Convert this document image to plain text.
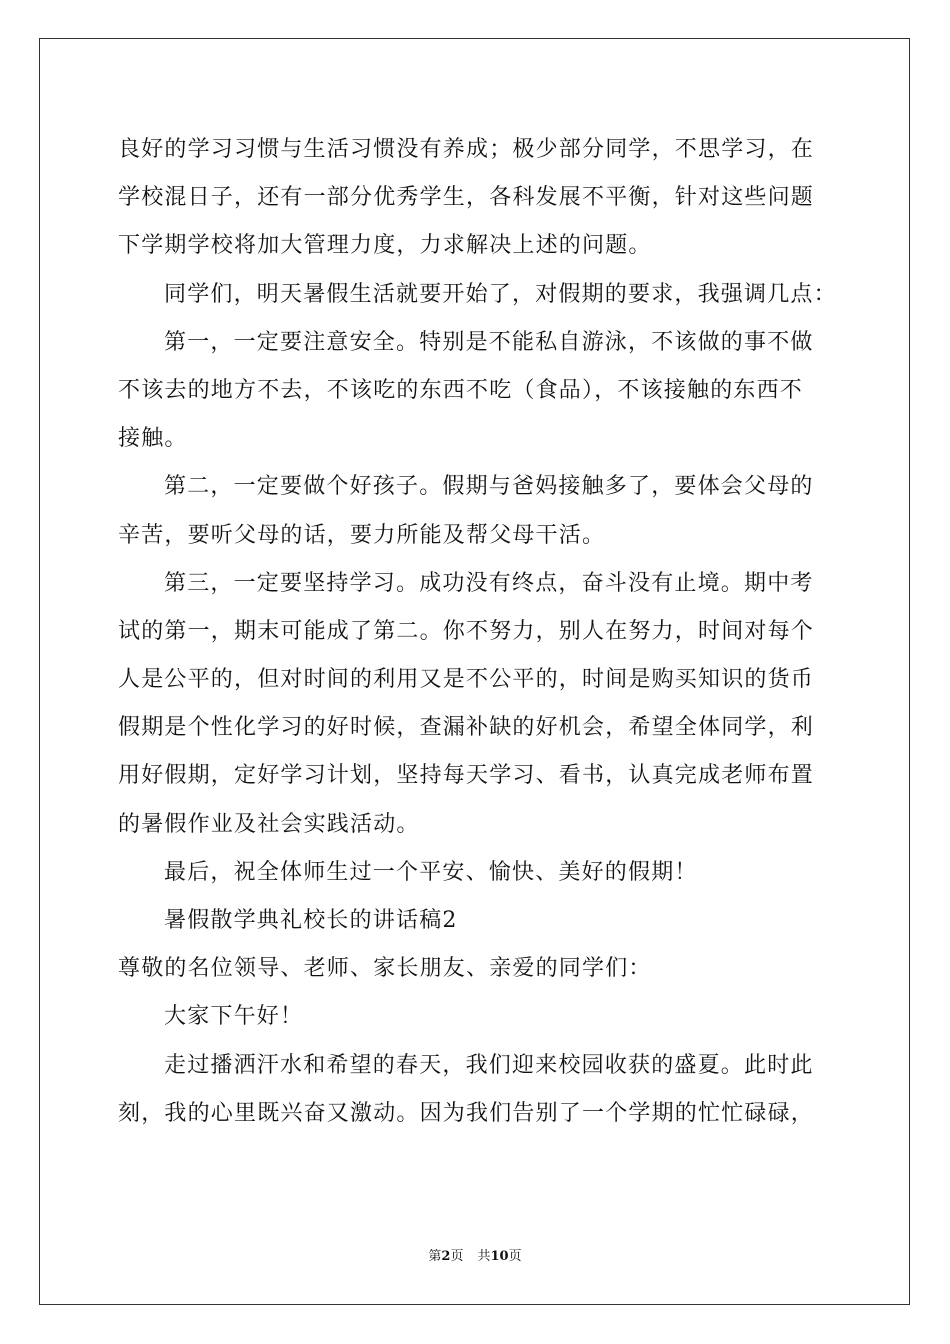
良好的学习习惯与生活习惯没有养成；极少部分同学，不思学习，在
学校混日子，还有一部分优秀学生，各科发展不平衡，针对这些问题
下学期学校将加大管理力度，力求解决上述的问题。
同学们，明天暑假生活就要开始了，对假期的要求，我强调几点：
第一，一定要注意安全。特别是不能私自游泳，不该做的事不做
不该去的地方不去，不该吃的东西不吃（食品），不该接触的东西不
接触。
第二，一定要做个好孩子。假期与爸妈接触多了，要体会父母的
辛苦，要听父母的话，要力所能及帮父母干活。
第三，一定要坚持学习。成功没有终点，奋斗没有止境。期中考
试的第一，期末可能成了第二。你不努力，别人在努力，时间对每个
人是公平的，但对时间的利用又是不公平的，时间是购买知识的货币
假期是个性化学习的好时候，查漏补缺的好机会，希望全体同学，利
用好假期，定好学习计划，坚持每天学习、看书，认真完成老师布置
的暑假作业及社会实践活动。
最后，祝全体师生过一个平安、愉快、美好的假期！
暑假散学典礼校长的讲话稿2
尊敬的名位领导、老师、家长朋友、亲爱的同学们：
大家下午好！
走过播洒汗水和希望的春天，我们迎来校园收获的盛夏。此时此
刻，我的心里既兴奋又激动。因为我们告别了一个学期的忙忙碌碌，
第2页 共10页
